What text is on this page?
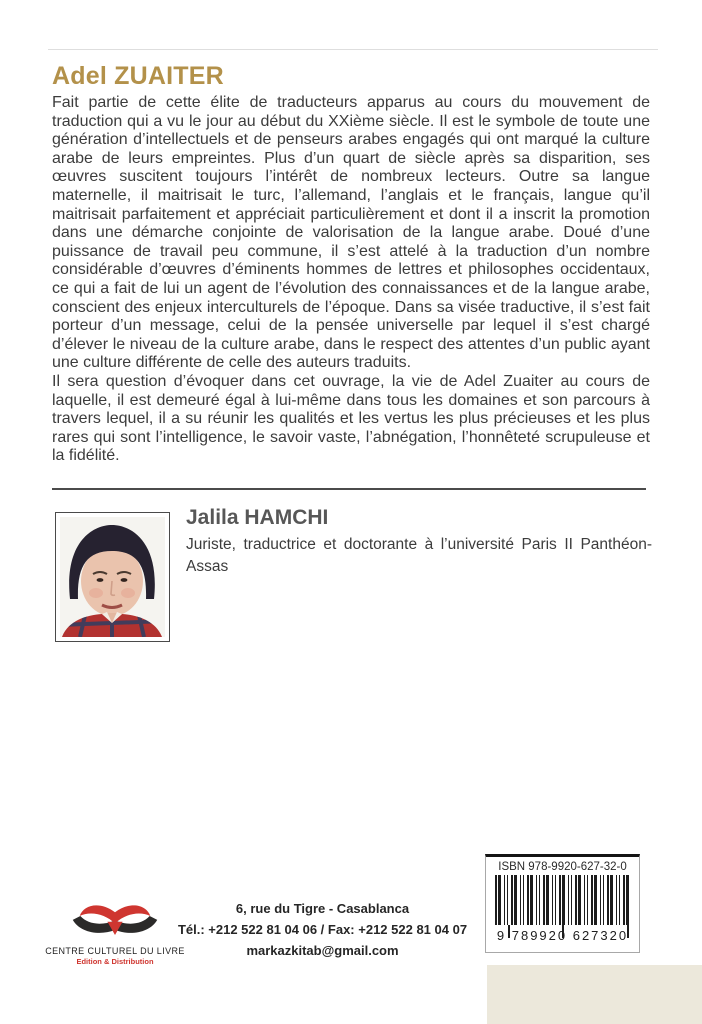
Adel ZUAITER

Fait partie de cette élite de traducteurs apparus au cours du mouvement de traduction qui a vu le jour au début du XXième siècle. Il est le symbole de toute une génération d’intellectuels et de penseurs arabes engagés qui ont marqué la culture arabe de leurs empreintes. Plus d’un quart de siècle après sa disparition, ses œuvres suscitent toujours l’intérêt de nombreux lecteurs. Outre sa langue maternelle, il maitrisait le turc, l’allemand, l’anglais et le français, langue qu’il maitrisait parfaitement et appréciait particulièrement et dont il a inscrit la promotion dans une démarche conjointe de valorisation de la langue arabe. Doué d’une puissance de travail peu commune, il s’est attelé à la traduction d’un nombre considérable d’œuvres d’éminents hommes de lettres et philosophes occidentaux, ce qui a fait de lui un agent de l’évolution des connaissances et de la langue arabe, conscient des enjeux interculturels de l’époque. Dans sa visée traductive, il s’est fait porteur d’un message, celui de la pensée universelle par lequel il s’est chargé d’élever le niveau de la culture arabe, dans le respect des attentes d’un public ayant une culture différente de celle des auteurs traduits.

Il sera question d’évoquer dans cet ouvrage, la vie de Adel Zuaiter au cours de laquelle, il est demeuré égal à lui-même dans tous les domaines et son parcours à travers lequel, il a su réunir les qualités et les vertus les plus précieuses et les plus rares qui sont l’intelligence, le savoir vaste, l’abnégation, l’honnêteté scrupuleuse et la fidélité.

Jalila HAMCHI
Juriste, traductrice et doctorante à l’université Paris II Panthéon-Assas
CENTRE CULTUREL DU LIVRE
Edition & Distribution
6, rue du Tigre - Casablanca
Tél.: +212 522 81 04 06 / Fax: +212 522 81 04 07
markazkitab@gmail.com
ISBN 978-9920-627-32-0
9 789920 627320
